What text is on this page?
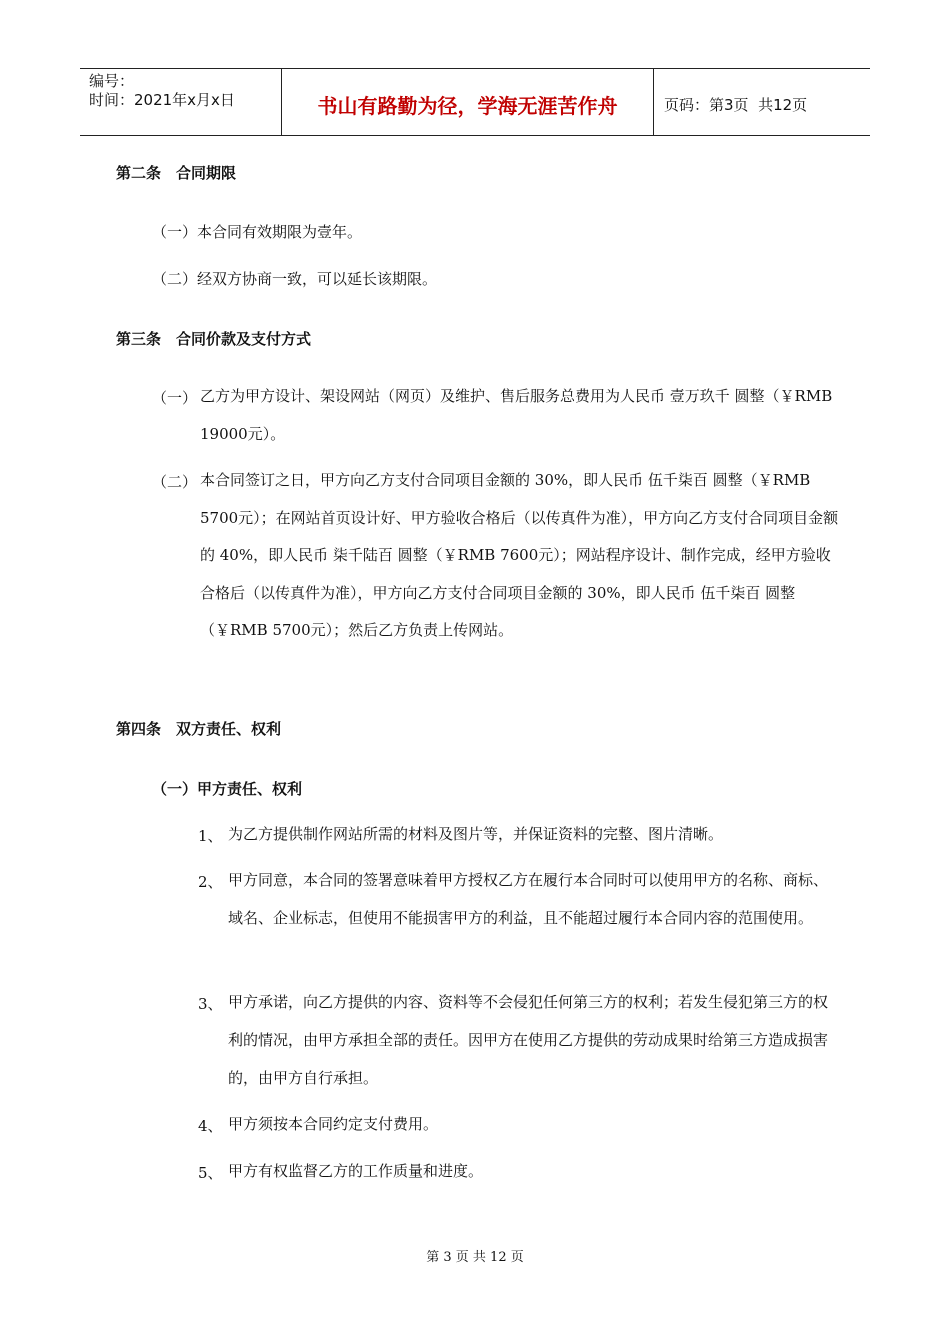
编号：
时间：2021年x月x日	书山有路勤为径，学海无涯苦作舟	页码：第3页  共12页
第二条　合同期限
（一）本合同有效期限为壹年。
（二）经双方协商一致，可以延长该期限。
第三条　合同价款及支付方式
（一） 乙方为甲方设计、架设网站（网页）及维护、售后服务总费用为人民币 壹万玖千 圆整（￥RMB 19000元）。
（二） 本合同签订之日，甲方向乙方支付合同项目金额的 30%，即人民币 伍千柒百 圆整（￥RMB 5700元）；在网站首页设计好、甲方验收合格后（以传真件为准），甲方向乙方支付合同项目金额的 40%，即人民币 柒千陆百 圆整（￥RMB 7600元）；网站程序设计、制作完成，经甲方验收合格后（以传真件为准），甲方向乙方支付合同项目金额的 30%，即人民币 伍千柒百 圆整（￥RMB 5700元）；然后乙方负责上传网站。
第四条　双方责任、权利
（一）甲方责任、权利
1、 为乙方提供制作网站所需的材料及图片等，并保证资料的完整、图片清晰。
2、 甲方同意，本合同的签署意味着甲方授权乙方在履行本合同时可以使用甲方的名称、商标、域名、企业标志，但使用不能损害甲方的利益，且不能超过履行本合同内容的范围使用。
3、 甲方承诺，向乙方提供的内容、资料等不会侵犯任何第三方的权利；若发生侵犯第三方的权利的情况，由甲方承担全部的责任。因甲方在使用乙方提供的劳动成果时给第三方造成损害的，由甲方自行承担。
4、 甲方须按本合同约定支付费用。
5、 甲方有权监督乙方的工作质量和进度。
第 3 页 共 12 页
